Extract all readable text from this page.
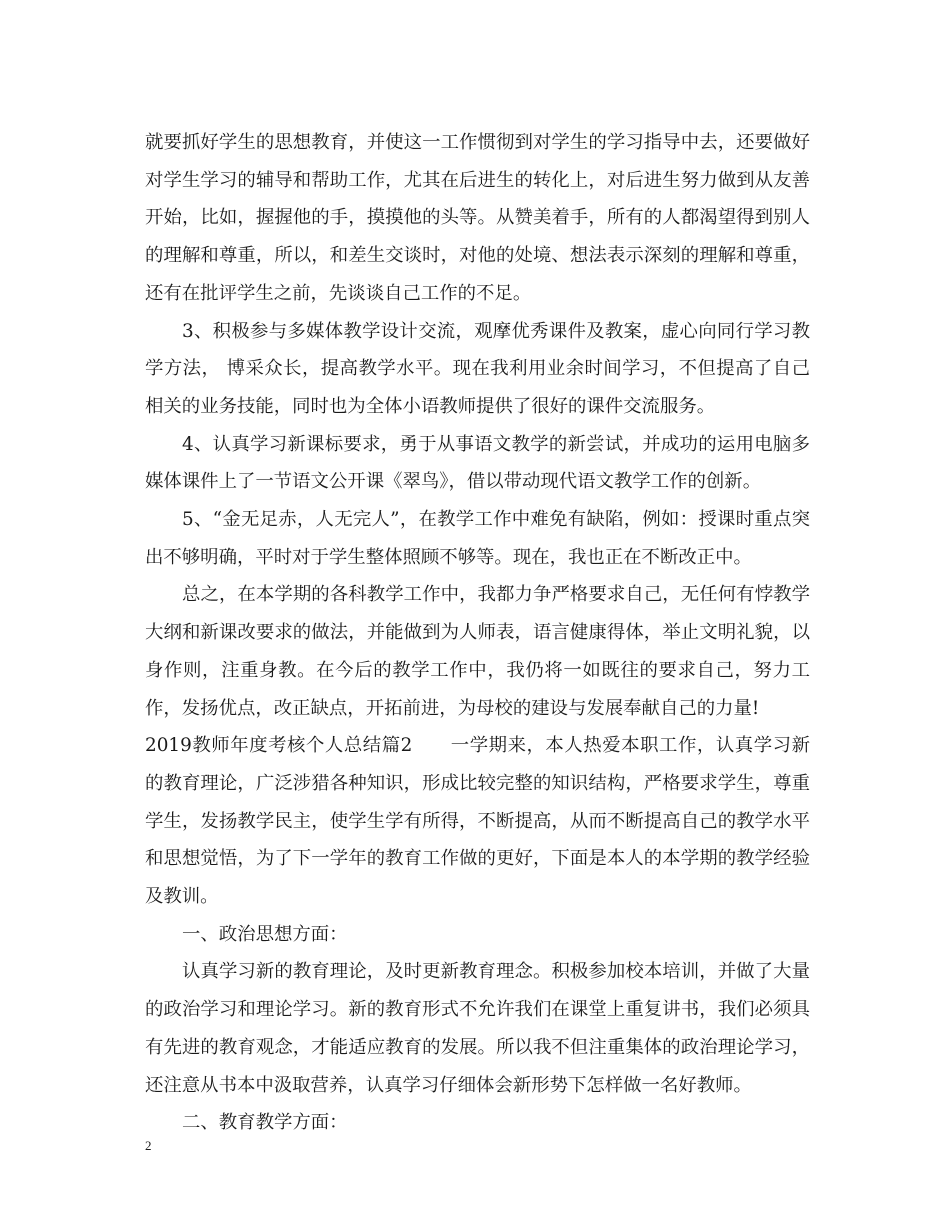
就要抓好学生的思想教育，并使这一工作惯彻到对学生的学习指导中去，还要做好对学生学习的辅导和帮助工作，尤其在后进生的转化上，对后进生努力做到从友善开始，比如，握握他的手，摸摸他的头等。从赞美着手，所有的人都渴望得到别人的理解和尊重，所以，和差生交谈时，对他的处境、想法表示深刻的理解和尊重，还有在批评学生之前，先谈谈自己工作的不足。

3、积极参与多媒体教学设计交流，观摩优秀课件及教案，虚心向同行学习教学方法， 博采众长，提高教学水平。现在我利用业余时间学习，不但提高了自己相关的业务技能，同时也为全体小语教师提供了很好的课件交流服务。

4、认真学习新课标要求，勇于从事语文教学的新尝试，并成功的运用电脑多媒体课件上了一节语文公开课《翠鸟》，借以带动现代语文教学工作的创新。

5、“金无足赤，人无完人”，在教学工作中难免有缺陷，例如：授课时重点突出不够明确，平时对于学生整体照顾不够等。现在，我也正在不断改正中。

总之，在本学期的各科教学工作中，我都力争严格要求自己，无任何有悖教学大纲和新课改要求的做法，并能做到为人师表，语言健康得体，举止文明礼貌，以身作则，注重身教。在今后的教学工作中，我仍将一如既往的要求自己，努力工作，发扬优点，改正缺点，开拓前进，为母校的建设与发展奉献自己的力量!

2019教师年度考核个人总结篇2　　一学期来，本人热爱本职工作，认真学习新的教育理论，广泛涉猎各种知识，形成比较完整的知识结构，严格要求学生，尊重学生，发扬教学民主，使学生学有所得，不断提高，从而不断提高自己的教学水平和思想觉悟，为了下一学年的教育工作做的更好，下面是本人的本学期的教学经验及教训。

一、政治思想方面：

认真学习新的教育理论，及时更新教育理念。积极参加校本培训，并做了大量的政治学习和理论学习。新的教育形式不允许我们在课堂上重复讲书，我们必须具有先进的教育观念，才能适应教育的发展。所以我不但注重集体的政治理论学习，还注意从书本中汲取营养，认真学习仔细体会新形势下怎样做一名好教师。

二、教育教学方面：

2
